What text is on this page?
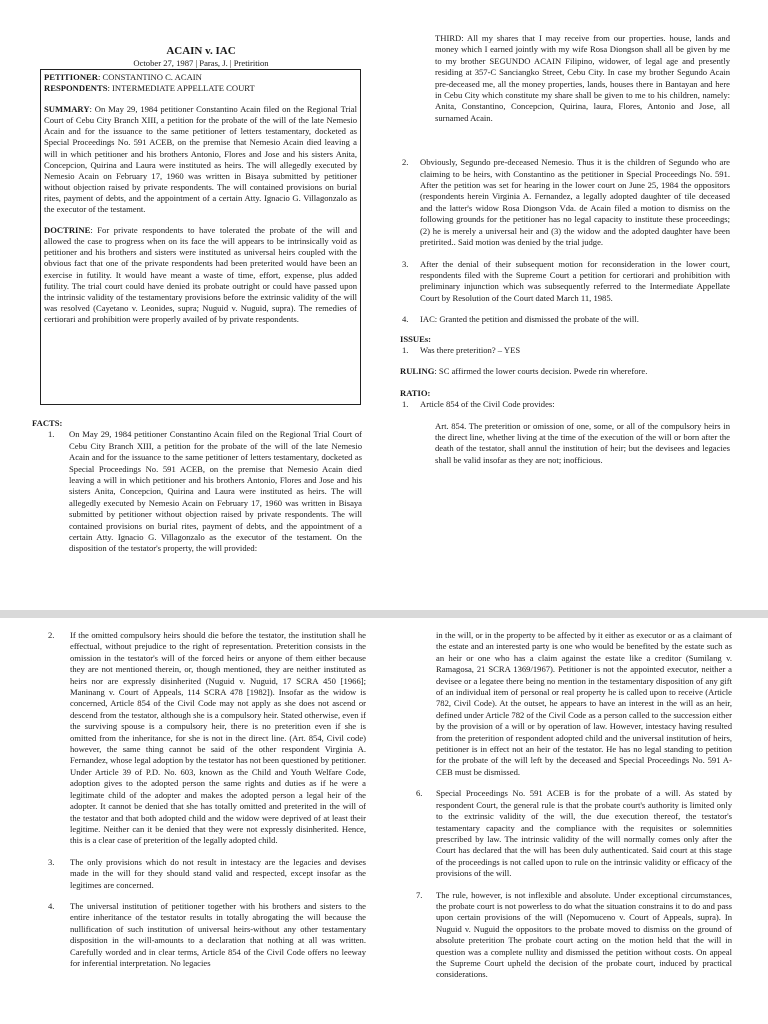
ACAIN v. IAC
October 27, 1987 | Paras, J. | Pretirition

PETITIONER: CONSTANTINO C. ACAIN

RESPONDENTS: INTERMEDIATE APPELLATE COURT

SUMMARY: On May 29, 1984 petitioner Constantino Acain filed on the Regional Trial Court of Cebu City Branch XIII, a petition for the probate of the will of the late Nemesio Acain and for the issuance to the same petitioner of letters testamentary, docketed as Special Proceedings No. 591 ACEB, on the premise that Nemesio Acain died leaving a will in which petitioner and his brothers Antonio, Flores and Jose and his sisters Anita, Concepcion, Quirina and Laura were instituted as heirs. The will allegedly executed by Nemesio Acain on February 17, 1960 was written in Bisaya submitted by petitioner without objection raised by private respondents. The will contained provisions on burial rites, payment of debts, and the appointment of a certain Atty. Ignacio G. Villagonzalo as the executor of the testament.

DOCTRINE: For private respondents to have tolerated the probate of the will and allowed the case to progress when on its face the will appears to be intrinsically void as petitioner and his brothers and sisters were instituted as universal heirs coupled with the obvious fact that one of the private respondents had been preterited would have been an exercise in futility. It would have meant a waste of time, effort, expense, plus added futility. The trial court could have denied its probate outright or could have passed upon the intrinsic validity of the testamentary provisions before the extrinsic validity of the will was resolved (Cayetano v. Leonides, supra; Nuguid v. Nuguid, supra). The remedies of certiorari and prohibition were properly availed of by private respondents.

FACTS:
1. On May 29, 1984 petitioner Constantino Acain filed on the Regional Trial Court of Cebu City Branch XIII, a petition for the probate of the will of the late Nemesio Acain and for the issuance to the same petitioner of letters testamentary, docketed as Special Proceedings No. 591 ACEB, on the premise that Nemesio Acain died leaving a will in which petitioner and his brothers Antonio, Flores and Jose and his sisters Anita, Concepcion, Quirina and Laura were instituted as heirs. The will allegedly executed by Nemesio Acain on February 17, 1960 was written in Bisaya submitted by petitioner without objection raised by private respondents. The will contained provisions on burial rites, payment of debts, and the appointment of a certain Atty. Ignacio G. Villagonzalo as the executor of the testament. On the disposition of the testator's property, the will provided:
THIRD: All my shares that I may receive from our properties. house, lands and money which I earned jointly with my wife Rosa Diongson shall all be given by me to my brother SEGUNDO ACAIN Filipino, widower, of legal age and presently residing at 357-C Sanciangko Street, Cebu City. In case my brother Segundo Acain pre-deceased me, all the money properties, lands, houses there in Bantayan and here in Cebu City which constitute my share shall be given to me to his children, namely: Anita, Constantino, Concepcion, Quirina, laura, Flores, Antonio and Jose, all surnamed Acain.
2. Obviously, Segundo pre-deceased Nemesio. Thus it is the children of Segundo who are claiming to be heirs, with Constantino as the petitioner in Special Proceedings No. 591. After the petition was set for hearing in the lower court on June 25, 1984 the oppositors (respondents herein Virginia A. Fernandez, a legally adopted daughter of tile deceased and the latter's widow Rosa Diongson Vda. de Acain filed a motion to dismiss on the following grounds for the petitioner has no legal capacity to institute these proceedings; (2) he is merely a universal heir and (3) the widow and the adopted daughter have been pretirited.. Said motion was denied by the trial judge.
3. After the denial of their subsequent motion for reconsideration in the lower court, respondents filed with the Supreme Court a petition for certiorari and prohibition with preliminary injunction which was subsequently referred to the Intermediate Appellate Court by Resolution of the Court dated March 11, 1985.
4. IAC: Granted the petition and dismissed the probate of the will.
ISSUEs:
1. Was there preterition? – YES
RULING: SC affirmed the lower courts decision. Pwede rin wherefore.
RATIO:
1. Article 854 of the Civil Code provides:
Art. 854. The preterition or omission of one, some, or all of the compulsory heirs in the direct line, whether living at the time of the execution of the will or born after the death of the testator, shall annul the institution of heir; but the devisees and legacies shall be valid insofar as they are not; inofficious.
2. If the omitted compulsory heirs should die before the testator, the institution shall he effectual, without prejudice to the right of representation. Preterition consists in the omission in the testator's will of the forced heirs or anyone of them either because they are not mentioned therein, or, though mentioned, they are neither instituted as heirs nor are expressly disinherited (Nuguid v. Nuguid, 17 SCRA 450 [1966]; Maninang v. Court of Appeals, 114 SCRA 478 [1982]). Insofar as the widow is concerned, Article 854 of the Civil Code may not apply as she does not ascend or descend from the testator, although she is a compulsory heir. Stated otherwise, even if the surviving spouse is a compulsory heir, there is no preterition even if she is omitted from the inheritance, for she is not in the direct line. (Art. 854, Civil code) however, the same thing cannot be said of the other respondent Virginia A. Fernandez, whose legal adoption by the testator has not been questioned by petitioner. Under Article 39 of P.D. No. 603, known as the Child and Youth Welfare Code, adoption gives to the adopted person the same rights and duties as if he were a legitimate child of the adopter and makes the adopted person a legal heir of the adopter. It cannot be denied that she has totally omitted and preterited in the will of the testator and that both adopted child and the widow were deprived of at least their legitime. Neither can it be denied that they were not expressly disinherited. Hence, this is a clear case of preterition of the legally adopted child.
3. The only provisions which do not result in intestacy are the legacies and devises made in the will for they should stand valid and respected, except insofar as the legitimes are concerned.
4. The universal institution of petitioner together with his brothers and sisters to the entire inheritance of the testator results in totally abrogating the will because the nullification of such institution of universal heirs-without any other testamentary disposition in the will-amounts to a declaration that nothing at all was written. Carefully worded and in clear terms, Article 854 of the Civil Code offers no leeway for inferential interpretation. No legacies
in the will, or in the property to be affected by it either as executor or as a claimant of the estate and an interested party is one who would be benefited by the estate such as an heir or one who has a claim against the estate like a creditor (Sumilang v. Ramagosa, 21 SCRA 1369/1967). Petitioner is not the appointed executor, neither a devisee or a legatee there being no mention in the testamentary disposition of any gift of an individual item of personal or real property he is called upon to receive (Article 782, Civil Code). At the outset, he appears to have an interest in the will as an heir, defined under Article 782 of the Civil Code as a person called to the succession either by the provision of a will or by operation of law. However, intestacy having resulted from the preterition of respondent adopted child and the universal institution of heirs, petitioner is in effect not an heir of the testator. He has no legal standing to petition for the probate of the will left by the deceased and Special Proceedings No. 591 A-CEB must be dismissed.
6. Special Proceedings No. 591 ACEB is for the probate of a will. As stated by respondent Court, the general rule is that the probate court's authority is limited only to the extrinsic validity of the will, the due execution thereof, the testator's testamentary capacity and the compliance with the requisites or solemnities prescribed by law. The intrinsic validity of the will normally comes only after the Court has declared that the will has been duly authenticated. Said court at this stage of the proceedings is not called upon to rule on the intrinsic validity or efficacy of the provisions of the will.
7. The rule, however, is not inflexible and absolute. Under exceptional circumstances, the probate court is not powerless to do what the situation constrains it to do and pass upon certain provisions of the will (Nepomuceno v. Court of Appeals, supra). In Nuguid v. Nuguid the oppositors to the probate moved to dismiss on the ground of absolute preterition The probate court acting on the motion held that the will in question was a complete nullity and dismissed the petition without costs. On appeal the Supreme Court upheld the decision of the probate court, induced by practical considerations.
